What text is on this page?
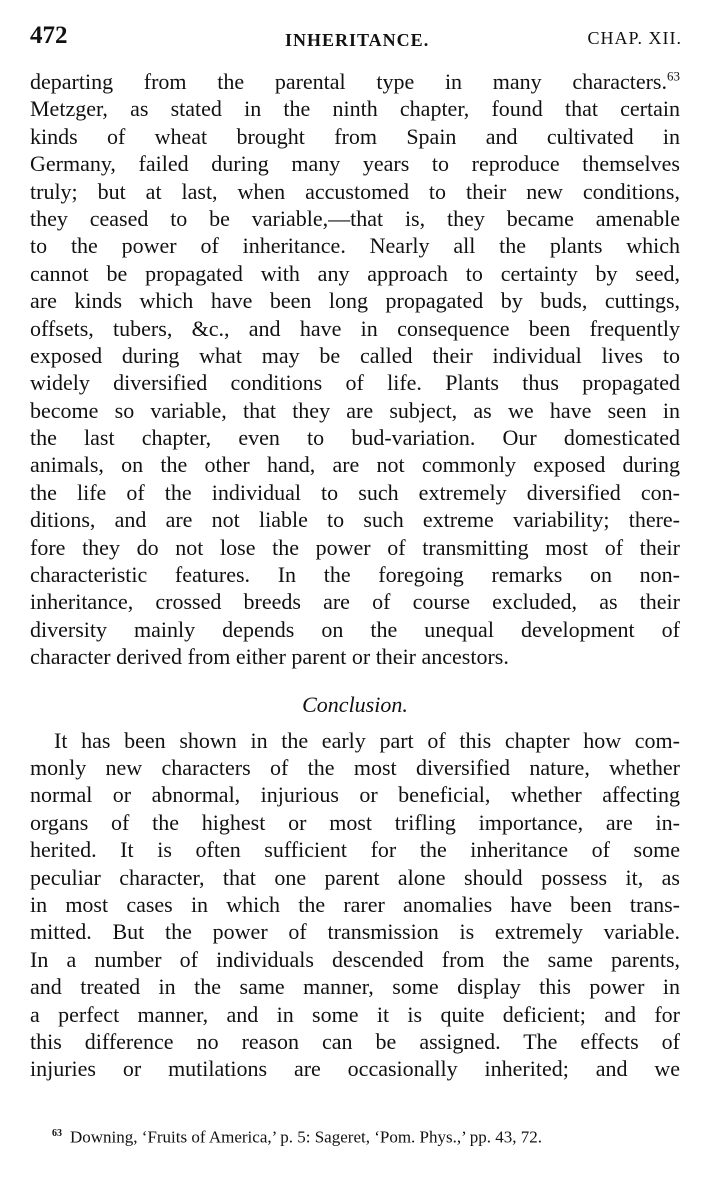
472	INHERITANCE.	CHAP. XII.
departing from the parental type in many characters.$^{63}$
Metzger, as stated in the ninth chapter, found that certain
kinds of wheat brought from Spain and cultivated in
Germany, failed during many years to reproduce themselves
truly; but at last, when accustomed to their new conditions,
they ceased to be variable,—that is, they became amenable
to the power of inheritance. Nearly all the plants which
cannot be propagated with any approach to certainty by seed,
are kinds which have been long propagated by buds, cuttings,
offsets, tubers, &c., and have in consequence been frequently
exposed during what may be called their individual lives to
widely diversified conditions of life. Plants thus propagated
become so variable, that they are subject, as we have seen in
the last chapter, even to bud-variation. Our domesticated
animals, on the other hand, are not commonly exposed during
the life of the individual to such extremely diversified con-
ditions, and are not liable to such extreme variability; there-
fore they do not lose the power of transmitting most of their
characteristic features. In the foregoing remarks on non-
inheritance, crossed breeds are of course excluded, as their
diversity mainly depends on the unequal development of
character derived from either parent or their ancestors.
Conclusion.
It has been shown in the early part of this chapter how com-
monly new characters of the most diversified nature, whether
normal or abnormal, injurious or beneficial, whether affecting
organs of the highest or most trifling importance, are in-
herited. It is often sufficient for the inheritance of some
peculiar character, that one parent alone should possess it, as
in most cases in which the rarer anomalies have been trans-
mitted. But the power of transmission is extremely variable.
In a number of individuals descended from the same parents,
and treated in the same manner, some display this power in
a perfect manner, and in some it is quite deficient; and for
this difference no reason can be assigned. The effects of
injuries or mutilations are occasionally inherited; and we
$^{63}$ Downing, ‘Fruits of America,’ p. 5: Sageret, ‘Pom. Phys.,’ pp. 43, 72.
